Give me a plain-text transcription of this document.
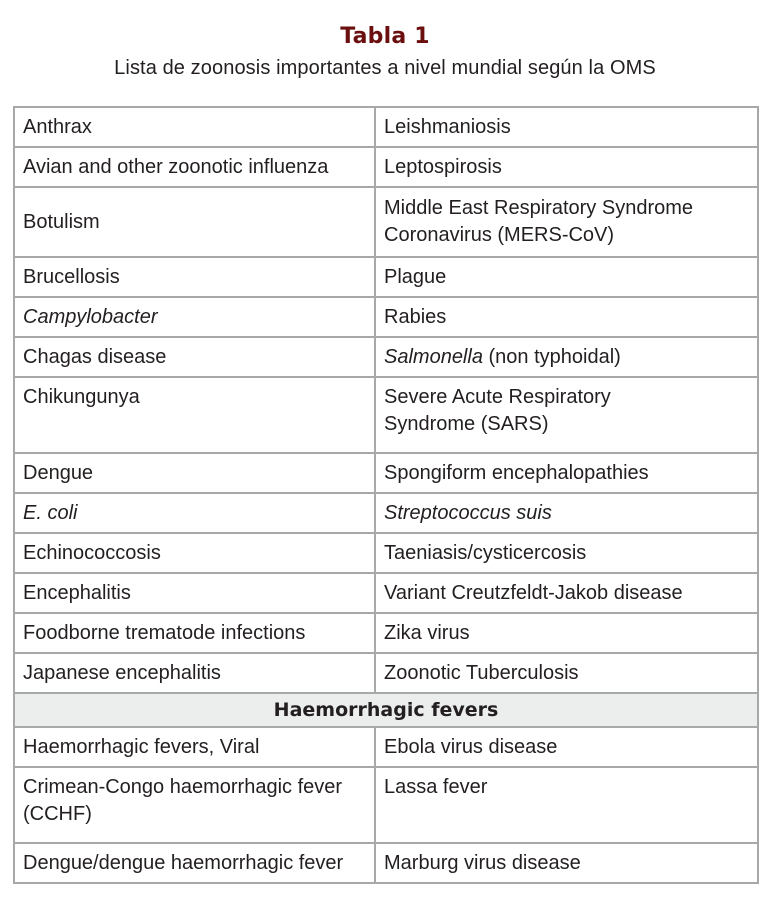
Tabla 1
Lista de zoonosis importantes a nivel mundial según la OMS
Anthrax	Leishmaniosis
Avian and other zoonotic influenza	Leptospirosis
Botulism	Middle East Respiratory Syndrome Coronavirus (MERS-CoV)
Brucellosis	Plague
Campylobacter	Rabies
Chagas disease	Salmonella (non typhoidal)
Chikungunya	Severe Acute Respiratory Syndrome (SARS)
Dengue	Spongiform encephalopathies
E. coli	Streptococcus suis
Echinococcosis	Taeniasis/cysticercosis
Encephalitis	Variant Creutzfeldt-Jakob disease
Foodborne trematode infections	Zika virus
Japanese encephalitis	Zoonotic Tuberculosis
Haemorrhagic fevers	
Haemorrhagic fevers, Viral	Ebola virus disease
Crimean-Congo haemorrhagic fever (CCHF)	Lassa fever
Dengue/dengue haemorrhagic fever	Marburg virus disease
